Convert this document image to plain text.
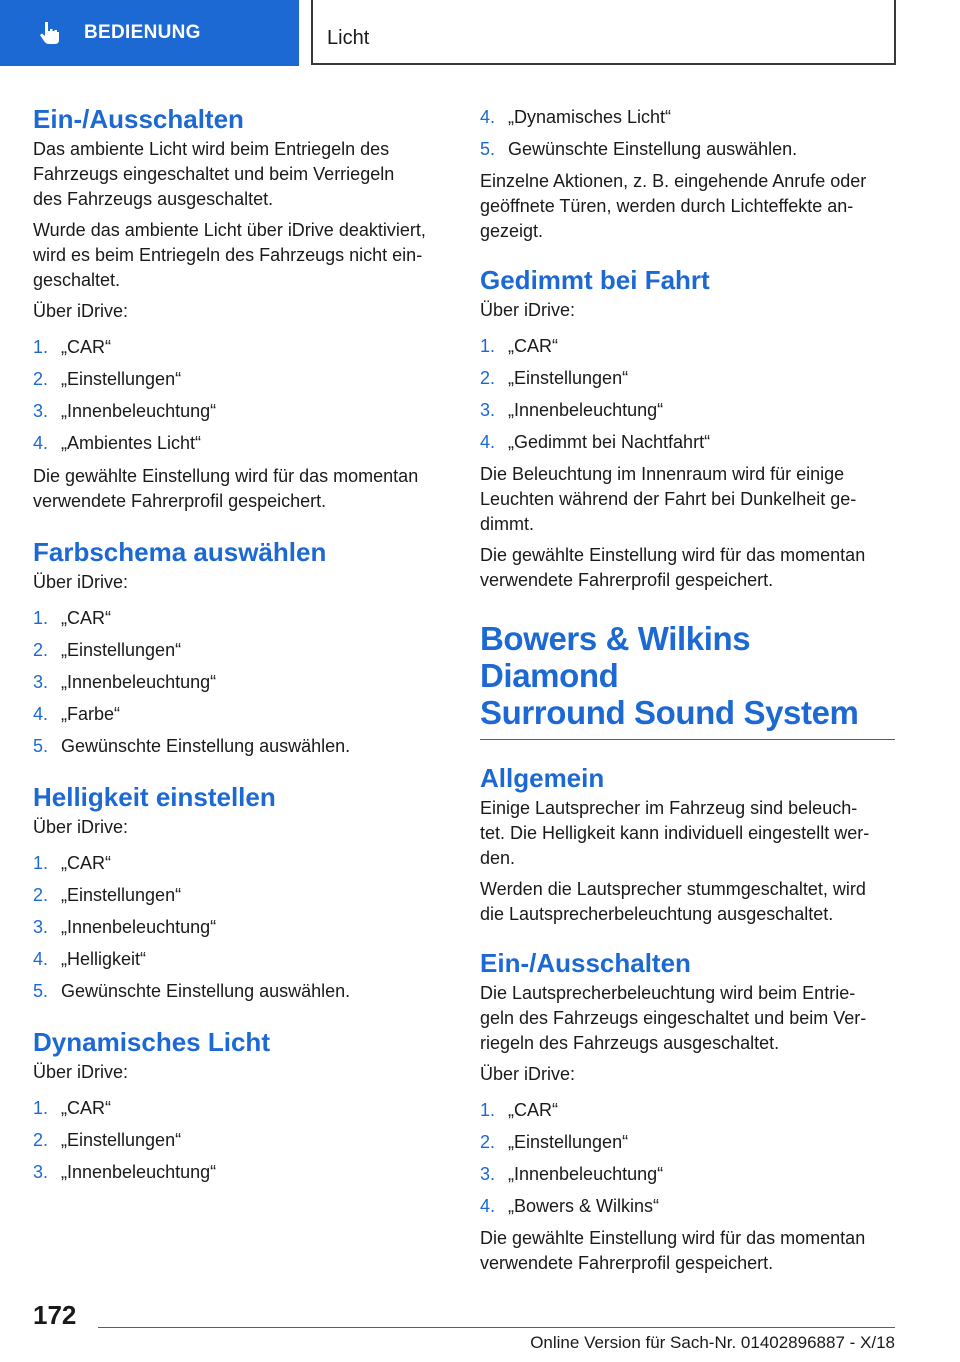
BEDIENUNG	Licht
Ein-/Ausschalten

Das ambiente Licht wird beim Entriegeln des
Fahrzeugs eingeschaltet und beim Verriegeln
des Fahrzeugs ausgeschaltet.

Wurde das ambiente Licht über iDrive deaktiviert,
wird es beim Entriegeln des Fahrzeugs nicht ein‐
geschaltet.

Über iDrive:

1. „CAR“
2. „Einstellungen“
3. „Innenbeleuchtung“
4. „Ambientes Licht“

Die gewählte Einstellung wird für das momentan
verwendete Fahrerprofil gespeichert.

Farbschema auswählen

Über iDrive:

1. „CAR“
2. „Einstellungen“
3. „Innenbeleuchtung“
4. „Farbe“
5. Gewünschte Einstellung auswählen.
Helligkeit einstellen

Über iDrive:

1. „CAR“
2. „Einstellungen“
3. „Innenbeleuchtung“
4. „Helligkeit“
5. Gewünschte Einstellung auswählen.
Dynamisches Licht

Über iDrive:

1. „CAR“
2. „Einstellungen“
3. „Innenbeleuchtung“
4. „Dynamisches Licht“
5. Gewünschte Einstellung auswählen.

Einzelne Aktionen, z. B. eingehende Anrufe oder
geöffnete Türen, werden durch Lichteffekte an‐
gezeigt.

Gedimmt bei Fahrt

Über iDrive:

1. „CAR“
2. „Einstellungen“
3. „Innenbeleuchtung“
4. „Gedimmt bei Nachtfahrt“

Die Beleuchtung im Innenraum wird für einige
Leuchten während der Fahrt bei Dunkelheit ge‐
dimmt.

Die gewählte Einstellung wird für das momentan
verwendete Fahrerprofil gespeichert.

Bowers & Wilkins Diamond
Surround Sound System
Allgemein

Einige Lautsprecher im Fahrzeug sind beleuch‐
tet. Die Helligkeit kann individuell eingestellt wer‐
den.

Werden die Lautsprecher stummgeschaltet, wird
die Lautsprecherbeleuchtung ausgeschaltet.

Ein-/Ausschalten

Die Lautsprecherbeleuchtung wird beim Entrie‐
geln des Fahrzeugs eingeschaltet und beim Ver‐
riegeln des Fahrzeugs ausgeschaltet.

Über iDrive:

1. „CAR“
2. „Einstellungen“
3. „Innenbeleuchtung“
4. „Bowers & Wilkins“

Die gewählte Einstellung wird für das momentan
verwendete Fahrerprofil gespeichert.

172
Online Version für Sach-Nr. 01402896887 - X/18
